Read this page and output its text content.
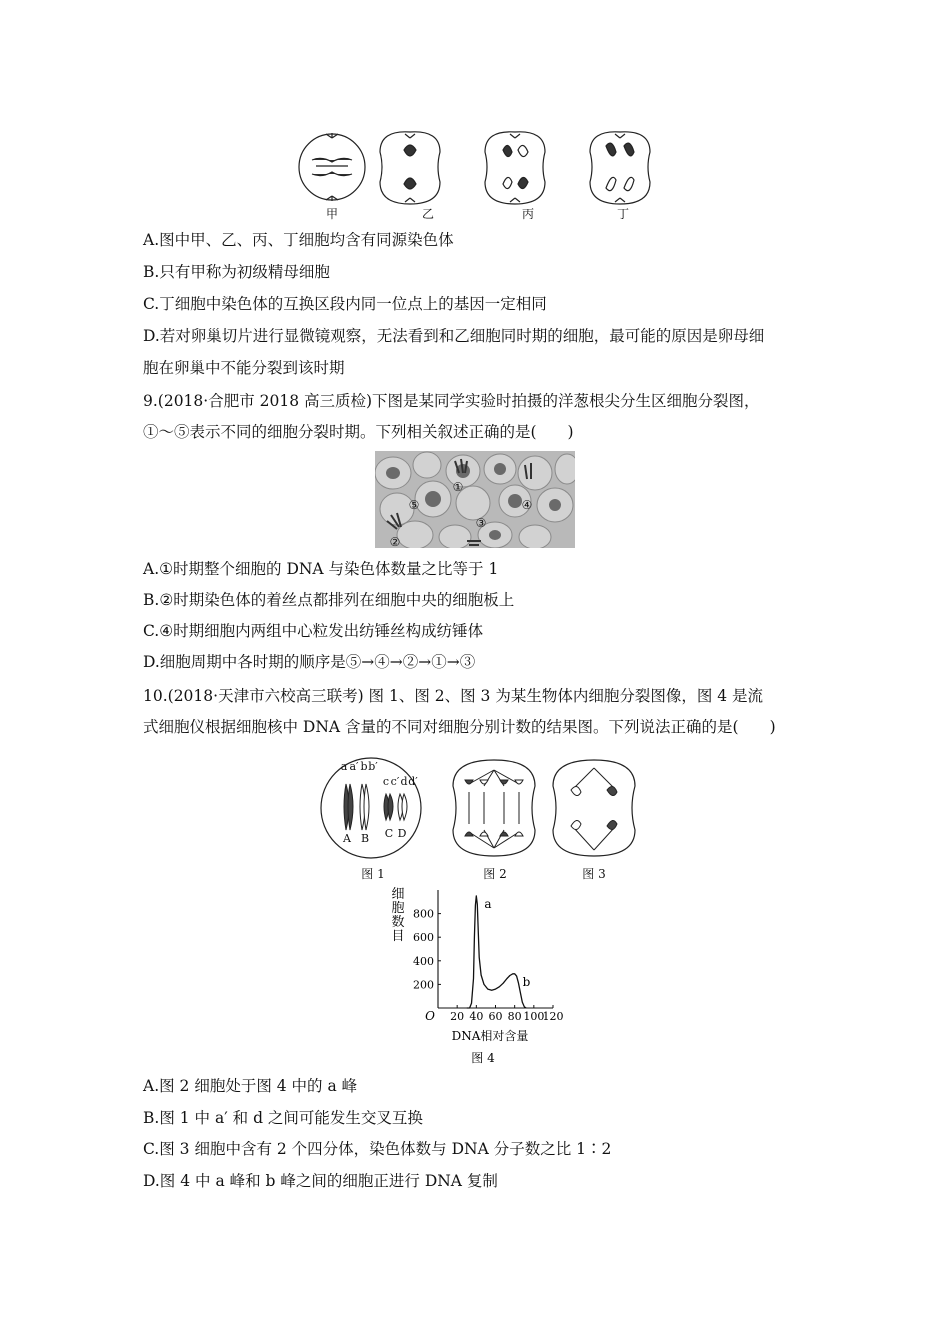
甲	乙	丙	丁
A.图中甲、乙、丙、丁细胞均含有同源染色体
B.只有甲称为初级精母细胞
C.丁细胞中染色体的互换区段内同一位点上的基因一定相同
D.若对卵巢切片进行显微镜观察，无法看到和乙细胞同时期的细胞，最可能的原因是卵母细
胞在卵巢中不能分裂到该时期
9.(2018·合肥市 2018 高三质检)下图是某同学实验时拍摄的洋葱根尖分生区细胞分裂图，
①～⑤表示不同的细胞分裂时期。下列相关叙述正确的是(　　)
①
②
③
④
⑤
A.①时期整个细胞的 DNA 与染色体数量之比等于 1
B.②时期染色体的着丝点都排列在细胞中央的细胞板上
C.④时期细胞内两组中心粒发出纺锤丝构成纺锤体
D.细胞周期中各时期的顺序是⑤→④→②→①→③
10.(2018·天津市六校高三联考) 图 1、图 2、图 3 为某生物体内细胞分裂图像，图 4 是流
式细胞仪根据细胞核中 DNA 含量的不同对细胞分别计数的结果图。下列说法正确的是(　　)
a a′ b b′
c c′ d d′
A B C D
图 1	图 2	图 3
20 40 60 80 100
120
200
400
600
800
a
b
细
胞
数
目
O
DNA相对含量
图 4
A.图 2 细胞处于图 4 中的 a 峰
B.图 1 中 a′ 和 d 之间可能发生交叉互换
C.图 3 细胞中含有 2 个四分体，染色体数与 DNA 分子数之比 1∶2
D.图 4 中 a 峰和 b 峰之间的细胞正进行 DNA 复制
